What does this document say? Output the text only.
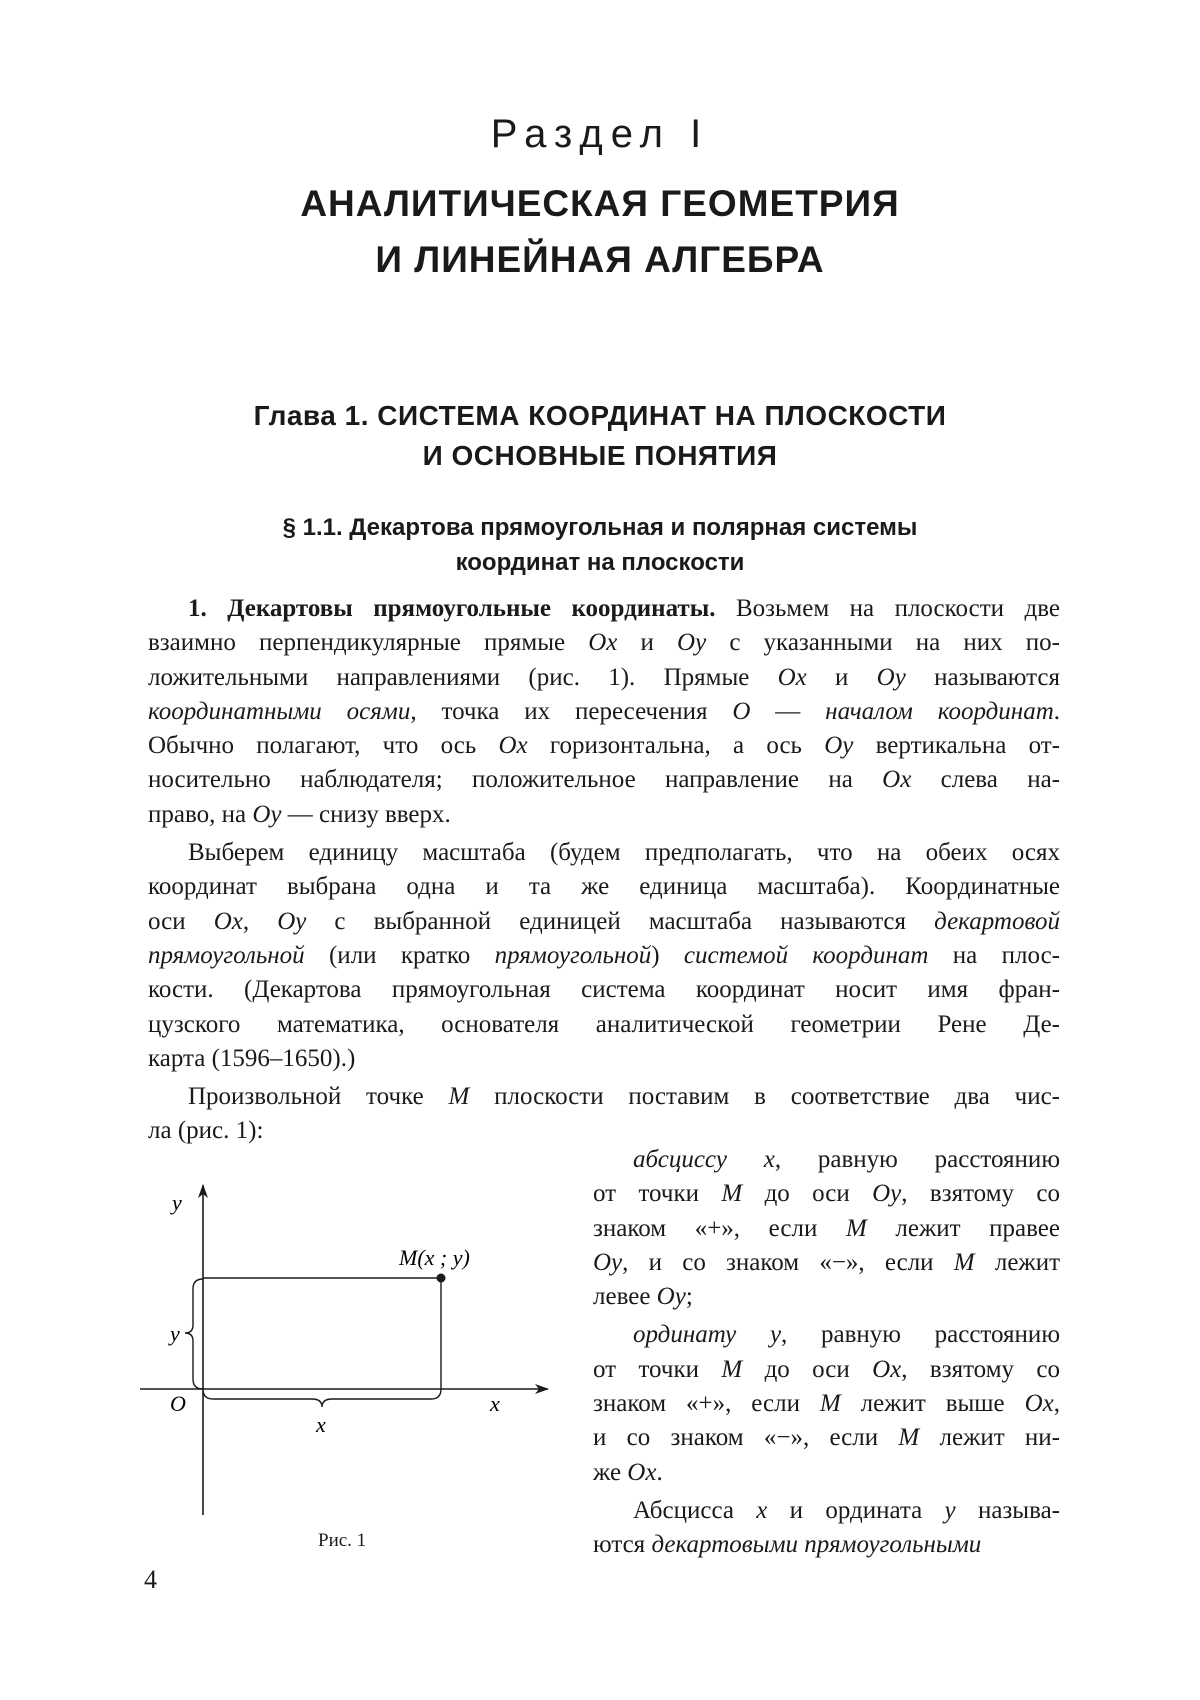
Раздел I
АНАЛИТИЧЕСКАЯ ГЕОМЕТРИЯ
И ЛИНЕЙНАЯ АЛГЕБРА
Глава 1. СИСТЕМА КООРДИНАТ НА ПЛОСКОСТИ
И ОСНОВНЫЕ ПОНЯТИЯ
§ 1.1. Декартова прямоугольная и полярная системы
координат на плоскости
1. Декартовы прямоугольные координаты. Возьмем на плоскости две
взаимно перпендикулярные прямые Ox и Oy с указанными на них по-
ложительными направлениями (рис. 1). Прямые Ox и Oy называются
координатными осями, точка их пересечения O — началом координат.
Обычно полагают, что ось Ox горизонтальна, а ось Oy вертикальна от-
носительно наблюдателя; положительное направление на Ox слева на-
право, на Oy — снизу вверх.
Выберем единицу масштаба (будем предполагать, что на обеих осях
координат выбрана одна и та же единица масштаба). Координатные
оси Ox, Oy с выбранной единицей масштаба называются декартовой
прямоугольной (или кратко прямоугольной) системой координат на плос-
кости. (Декартова прямоугольная система координат носит имя фран-
цузского математика, основателя аналитической геометрии Рене Де-
карта (1596–1650).)
Произвольной точке M плоскости поставим в соответствие два чис-
ла (рис. 1):
абсциссу x, равную расстоянию
от точки M до оси Oy, взятому со
знаком «+», если M лежит правее
Oy, и со знаком «−», если M лежит
левее Oy;
ординату y, равную расстоянию
от точки M до оси Ox, взятому со
знаком «+», если M лежит выше Ox,
и со знаком «−», если M лежит ни-
же Ox.
Абсцисса x и ордината y называ-
ются декартовыми прямоугольными
y
x
O
M(x ; y)
y
x
Рис. 1
4
